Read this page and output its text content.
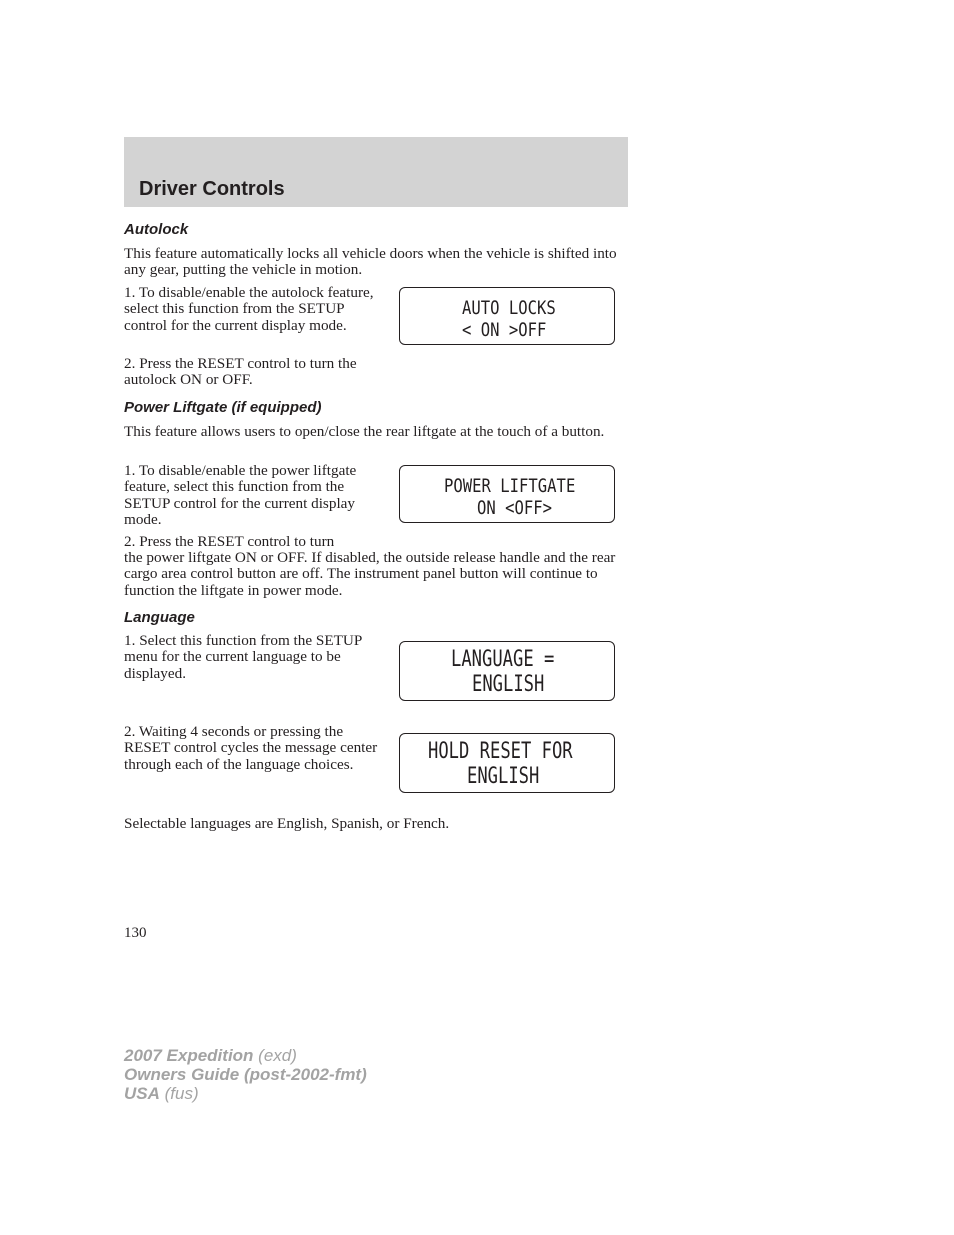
Driver Controls
Autolock

This feature automatically locks all vehicle doors when the vehicle is shifted into any gear, putting the vehicle in motion.

1. To disable/enable the autolock feature, select this function from the SETUP control for the current display mode.

2. Press the RESET control to turn the autolock ON or OFF.

AUTO LOCKS
< ON >OFF
Power Liftgate (if equipped)

This feature allows users to open/close the rear liftgate at the touch of a button.

1. To disable/enable the power liftgate feature, select this function from the SETUP control for the current display mode.

2. Press the RESET control to turn

the power liftgate ON or OFF. If disabled, the outside release handle and the rear cargo area control button are off. The instrument panel button will continue to function the liftgate in power mode.

POWER LIFTGATE
ON <OFF>
Language

1. Select this function from the SETUP menu for the current language to be displayed.

LANGUAGE =
ENGLISH

2. Waiting 4 seconds or pressing the RESET control cycles the message center through each of the language choices.

HOLD RESET FOR
ENGLISH

Selectable languages are English, Spanish, or French.

130

2007 Expedition (exd)
Owners Guide (post-2002-fmt)
USA (fus)
